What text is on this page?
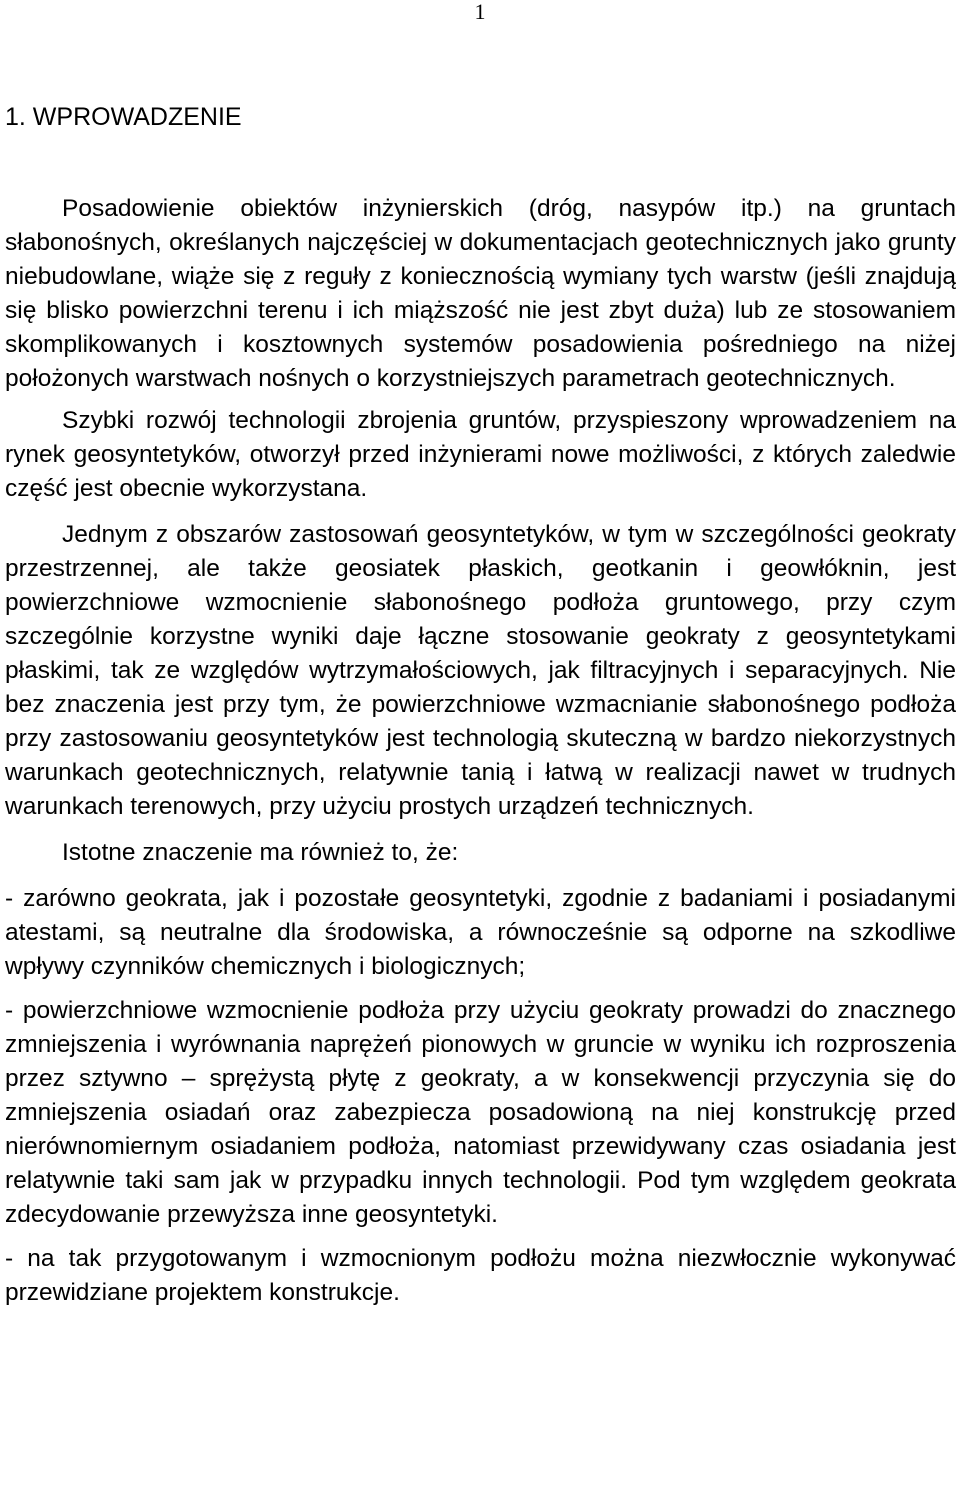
1
1. WPROWADZENIE

Posadowienie obiektów inżynierskich (dróg, nasypów itp.) na gruntach słabonośnych, określanych najczęściej w dokumentacjach geotechnicznych jako grunty niebudowlane, wiąże się z reguły z koniecznością wymiany tych warstw (jeśli znajdują się blisko powierzchni terenu i ich miąższość nie jest zbyt duża) lub ze stosowaniem skomplikowanych i kosztownych systemów posadowienia pośredniego na niżej położonych warstwach nośnych o korzystniejszych parametrach geotechnicznych.

Szybki rozwój technologii zbrojenia gruntów, przyspieszony wprowadzeniem na rynek geosyntetyków, otworzył przed inżynierami nowe możliwości, z których zaledwie część jest obecnie wykorzystana.

Jednym z obszarów zastosowań geosyntetyków, w tym w szczególności geokraty przestrzennej, ale także geosiatek płaskich, geotkanin i geowłóknin, jest powierzchniowe wzmocnienie słabonośnego podłoża gruntowego, przy czym szczególnie korzystne wyniki daje łączne stosowanie geokraty z geosyntetykami płaskimi, tak ze względów wytrzymałościowych, jak filtracyjnych i separacyjnych. Nie bez znaczenia jest przy tym, że powierzchniowe wzmacnianie słabonośnego podłoża przy zastosowaniu geosyntetyków jest technologią skuteczną w bardzo niekorzystnych warunkach geotechnicznych, relatywnie tanią i łatwą w realizacji nawet w trudnych warunkach terenowych, przy użyciu prostych urządzeń technicznych.

Istotne znaczenie ma również to, że:

- zarówno geokrata, jak i pozostałe geosyntetyki, zgodnie z badaniami i posiadanymi atestami, są neutralne dla środowiska, a równocześnie są odporne na szkodliwe wpływy czynników chemicznych i biologicznych;

- powierzchniowe wzmocnienie podłoża przy użyciu geokraty prowadzi do znacznego zmniejszenia i wyrównania naprężeń pionowych w gruncie w wyniku ich rozproszenia przez sztywno – sprężystą płytę z geokraty, a w konsekwencji przyczynia się do zmniejszenia osiadań oraz zabezpiecza posadowioną na niej konstrukcję przed nierównomiernym osiadaniem podłoża, natomiast przewidywany czas osiadania jest relatywnie taki sam jak w przypadku innych technologii. Pod tym względem geokrata zdecydowanie przewyższa inne geosyntetyki.

- na tak przygotowanym i wzmocnionym podłożu można niezwłocznie wykonywać przewidziane projektem konstrukcje.
